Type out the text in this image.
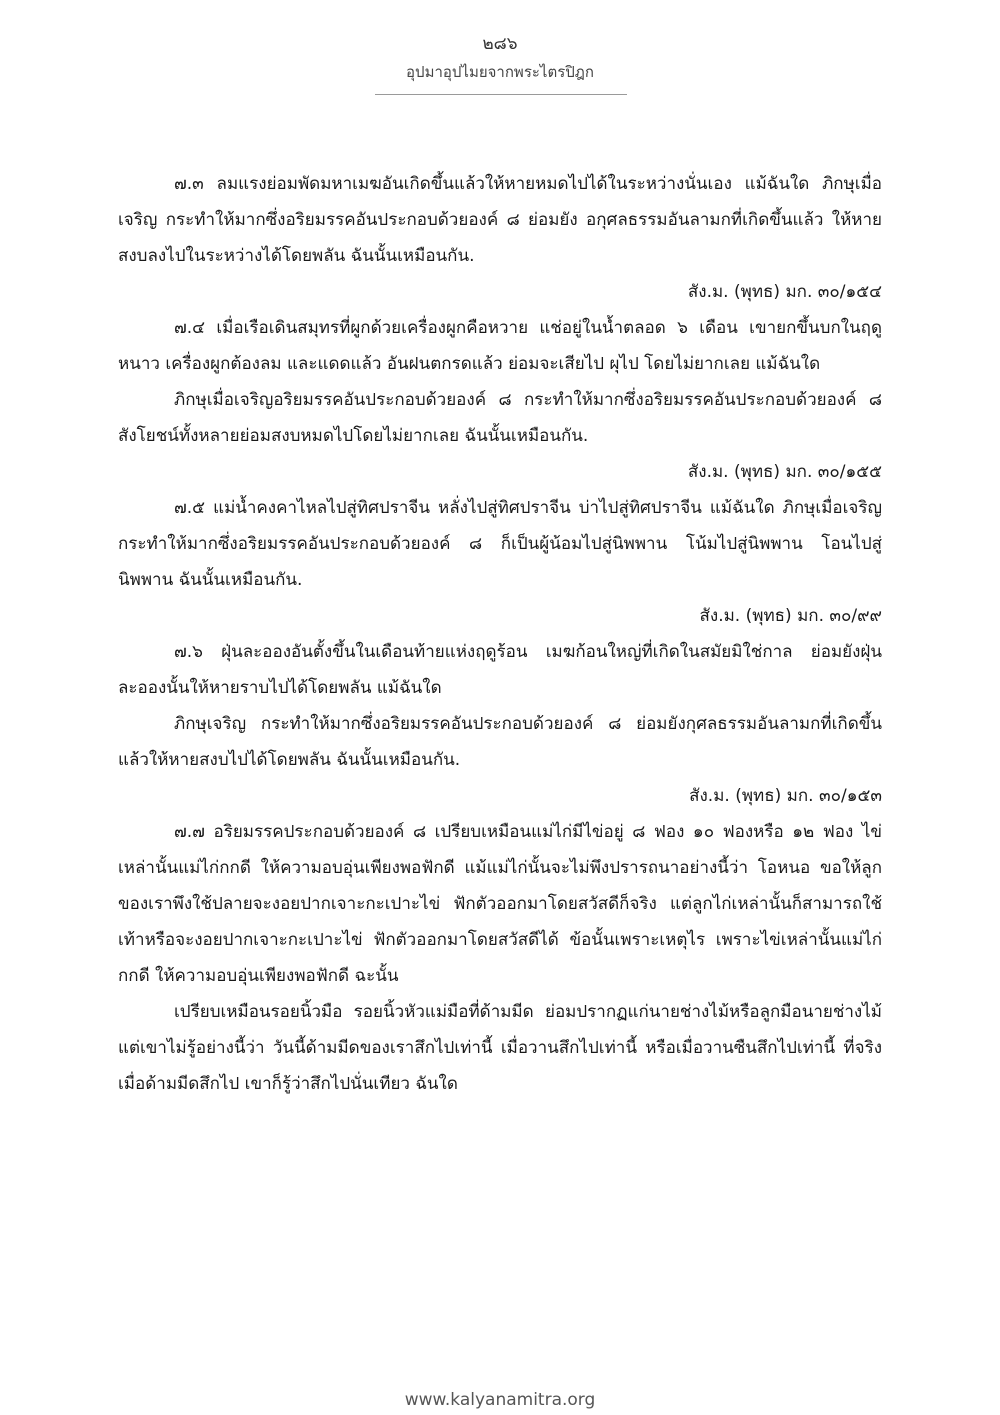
๒๘๖
อุปมาอุปไมยจากพระไตรปิฎก

๗.๓ ลมแรงย่อมพัดมหาเมฆอันเกิดขึ้นแล้วให้หายหมดไปได้ในระหว่างนั่นเอง แม้ฉันใด ภิกษุเมื่อเจริญ กระทำให้มากซึ่งอริยมรรคอันประกอบด้วยองค์ ๘ ย่อมยัง อกุศลธรรมอันลามกที่เกิดขึ้นแล้ว ให้หายสงบลงไปในระหว่างได้โดยพลัน ฉันนั้นเหมือนกัน.

สัง.ม. (พุทธ) มก. ๓๐/๑๕๔

๗.๔ เมื่อเรือเดินสมุทรที่ผูกด้วยเครื่องผูกคือหวาย แช่อยู่ในน้ำตลอด ๖ เดือน เขายกขึ้นบกในฤดูหนาว เครื่องผูกต้องลม และแดดแล้ว อันฝนตกรดแล้ว ย่อมจะเสียไป ผุไป โดยไม่ยากเลย แม้ฉันใด

ภิกษุเมื่อเจริญอริยมรรคอันประกอบด้วยองค์ ๘ กระทำให้มากซึ่งอริยมรรคอันประกอบด้วยองค์ ๘ สังโยชน์ทั้งหลายย่อมสงบหมดไปโดยไม่ยากเลย ฉันนั้นเหมือนกัน.

สัง.ม. (พุทธ) มก. ๓๐/๑๕๕

๗.๕ แม่น้ำคงคาไหลไปสู่ทิศปราจีน หลั่งไปสู่ทิศปราจีน บ่าไปสู่ทิศปราจีน แม้ฉันใด ภิกษุเมื่อเจริญ กระทำให้มากซึ่งอริยมรรคอันประกอบด้วยองค์ ๘ ก็เป็นผู้น้อมไปสู่นิพพาน โน้มไปสู่นิพพาน โอนไปสู่นิพพาน ฉันนั้นเหมือนกัน.

สัง.ม. (พุทธ) มก. ๓๐/๙๙

๗.๖ ฝุ่นละอองอันตั้งขึ้นในเดือนท้ายแห่งฤดูร้อน เมฆก้อนใหญ่ที่เกิดในสมัยมิใช่กาล ย่อมยังฝุ่นละอองนั้นให้หายราบไปได้โดยพลัน แม้ฉันใด

ภิกษุเจริญ กระทำให้มากซึ่งอริยมรรคอันประกอบด้วยองค์ ๘ ย่อมยังกุศลธรรมอันลามกที่เกิดขึ้นแล้วให้หายสงบไปได้โดยพลัน ฉันนั้นเหมือนกัน.

สัง.ม. (พุทธ) มก. ๓๐/๑๕๓

๗.๗ อริยมรรคประกอบด้วยองค์ ๘ เปรียบเหมือนแม่ไก่มีไข่อยู่ ๘ ฟอง ๑๐ ฟองหรือ ๑๒ ฟอง ไข่เหล่านั้นแม่ไก่กกดี ให้ความอบอุ่นเพียงพอฟักดี แม้แม่ไก่นั้นจะไม่พึงปรารถนาอย่างนี้ว่า โอหนอ ขอให้ลูกของเราพึงใช้ปลายจะงอยปากเจาะกะเปาะไข่ ฟักตัวออกมาโดยสวัสดีก็จริง แต่ลูกไก่เหล่านั้นก็สามารถใช้เท้าหรือจะงอยปากเจาะกะเปาะไข่ ฟักตัวออกมาโดยสวัสดีได้ ข้อนั้นเพราะเหตุไร เพราะไข่เหล่านั้นแม่ไก่กกดี ให้ความอบอุ่นเพียงพอฟักดี ฉะนั้น

เปรียบเหมือนรอยนิ้วมือ รอยนิ้วหัวแม่มือที่ด้ามมีด ย่อมปรากฏแก่นายช่างไม้หรือลูกมือนายช่างไม้ แต่เขาไม่รู้อย่างนี้ว่า วันนี้ด้ามมีดของเราสึกไปเท่านี้ เมื่อวานสึกไปเท่านี้ หรือเมื่อวานซืนสึกไปเท่านี้ ที่จริง เมื่อด้ามมีดสึกไป เขาก็รู้ว่าสึกไปนั่นเทียว ฉันใด

www.kalyanamitra.org
